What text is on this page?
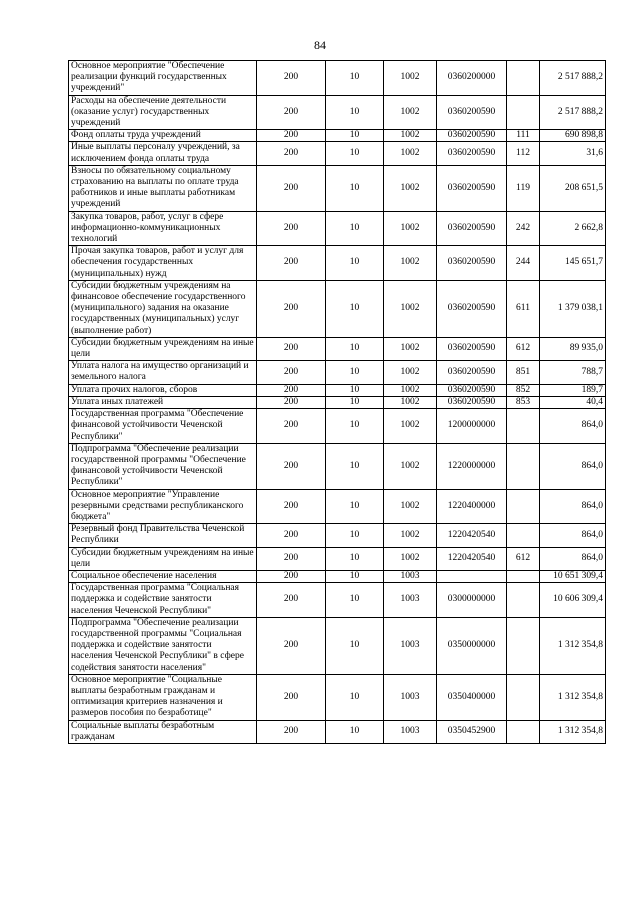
84
Основное мероприятие "Обеспечение реализации функций государственных учреждений"	200	10	1002	0360200000		2 517 888,2
Расходы на обеспечение деятельности (оказание услуг) государственных учреждений	200	10	1002	0360200590		2 517 888,2
Фонд оплаты труда учреждений	200	10	1002	0360200590	111	690 898,8
Иные выплаты персоналу учреждений, за исключением фонда оплаты труда	200	10	1002	0360200590	112	31,6
Взносы по обязательному социальному страхованию на выплаты по оплате труда работников и иные выплаты работникам учреждений	200	10	1002	0360200590	119	208 651,5
Закупка товаров, работ, услуг в сфере информационно-коммуникационных технологий	200	10	1002	0360200590	242	2 662,8
Прочая закупка товаров, работ и услуг для обеспечения государственных (муниципальных) нужд	200	10	1002	0360200590	244	145 651,7
Субсидии бюджетным учреждениям на финансовое обеспечение государственного (муниципального) задания на оказание государственных (муниципальных) услуг (выполнение работ)	200	10	1002	0360200590	611	1 379 038,1
Субсидии бюджетным учреждениям на иные цели	200	10	1002	0360200590	612	89 935,0
Уплата налога на имущество организаций и земельного налога	200	10	1002	0360200590	851	788,7
Уплата прочих налогов, сборов	200	10	1002	0360200590	852	189,7
Уплата иных платежей	200	10	1002	0360200590	853	40,4
Государственная программа "Обеспечение финансовой устойчивости Чеченской Республики"	200	10	1002	1200000000		864,0
Подпрограмма "Обеспечение реализации государственной программы "Обеспечение финансовой устойчивости Чеченской Республики"	200	10	1002	1220000000		864,0
Основное мероприятие "Управление резервными средствами республиканского бюджета"	200	10	1002	1220400000		864,0
Резервный фонд Правительства Чеченской Республики	200	10	1002	1220420540		864,0
Субсидии бюджетным учреждениям на иные цели	200	10	1002	1220420540	612	864,0
Социальное обеспечение населения	200	10	1003			10 651 309,4
Государственная программа "Социальная поддержка и содействие занятости населения Чеченской Республики"	200	10	1003	0300000000		10 606 309,4
Подпрограмма "Обеспечение реализации государственной программы "Социальная поддержка и содействие занятости населения Чеченской Республики" в сфере содействия занятости населения"	200	10	1003	0350000000		1 312 354,8
Основное мероприятие "Социальные выплаты безработным гражданам и оптимизация критериев назначения и размеров пособия по безработице"	200	10	1003	0350400000		1 312 354,8
Социальные выплаты безработным гражданам	200	10	1003	0350452900		1 312 354,8
